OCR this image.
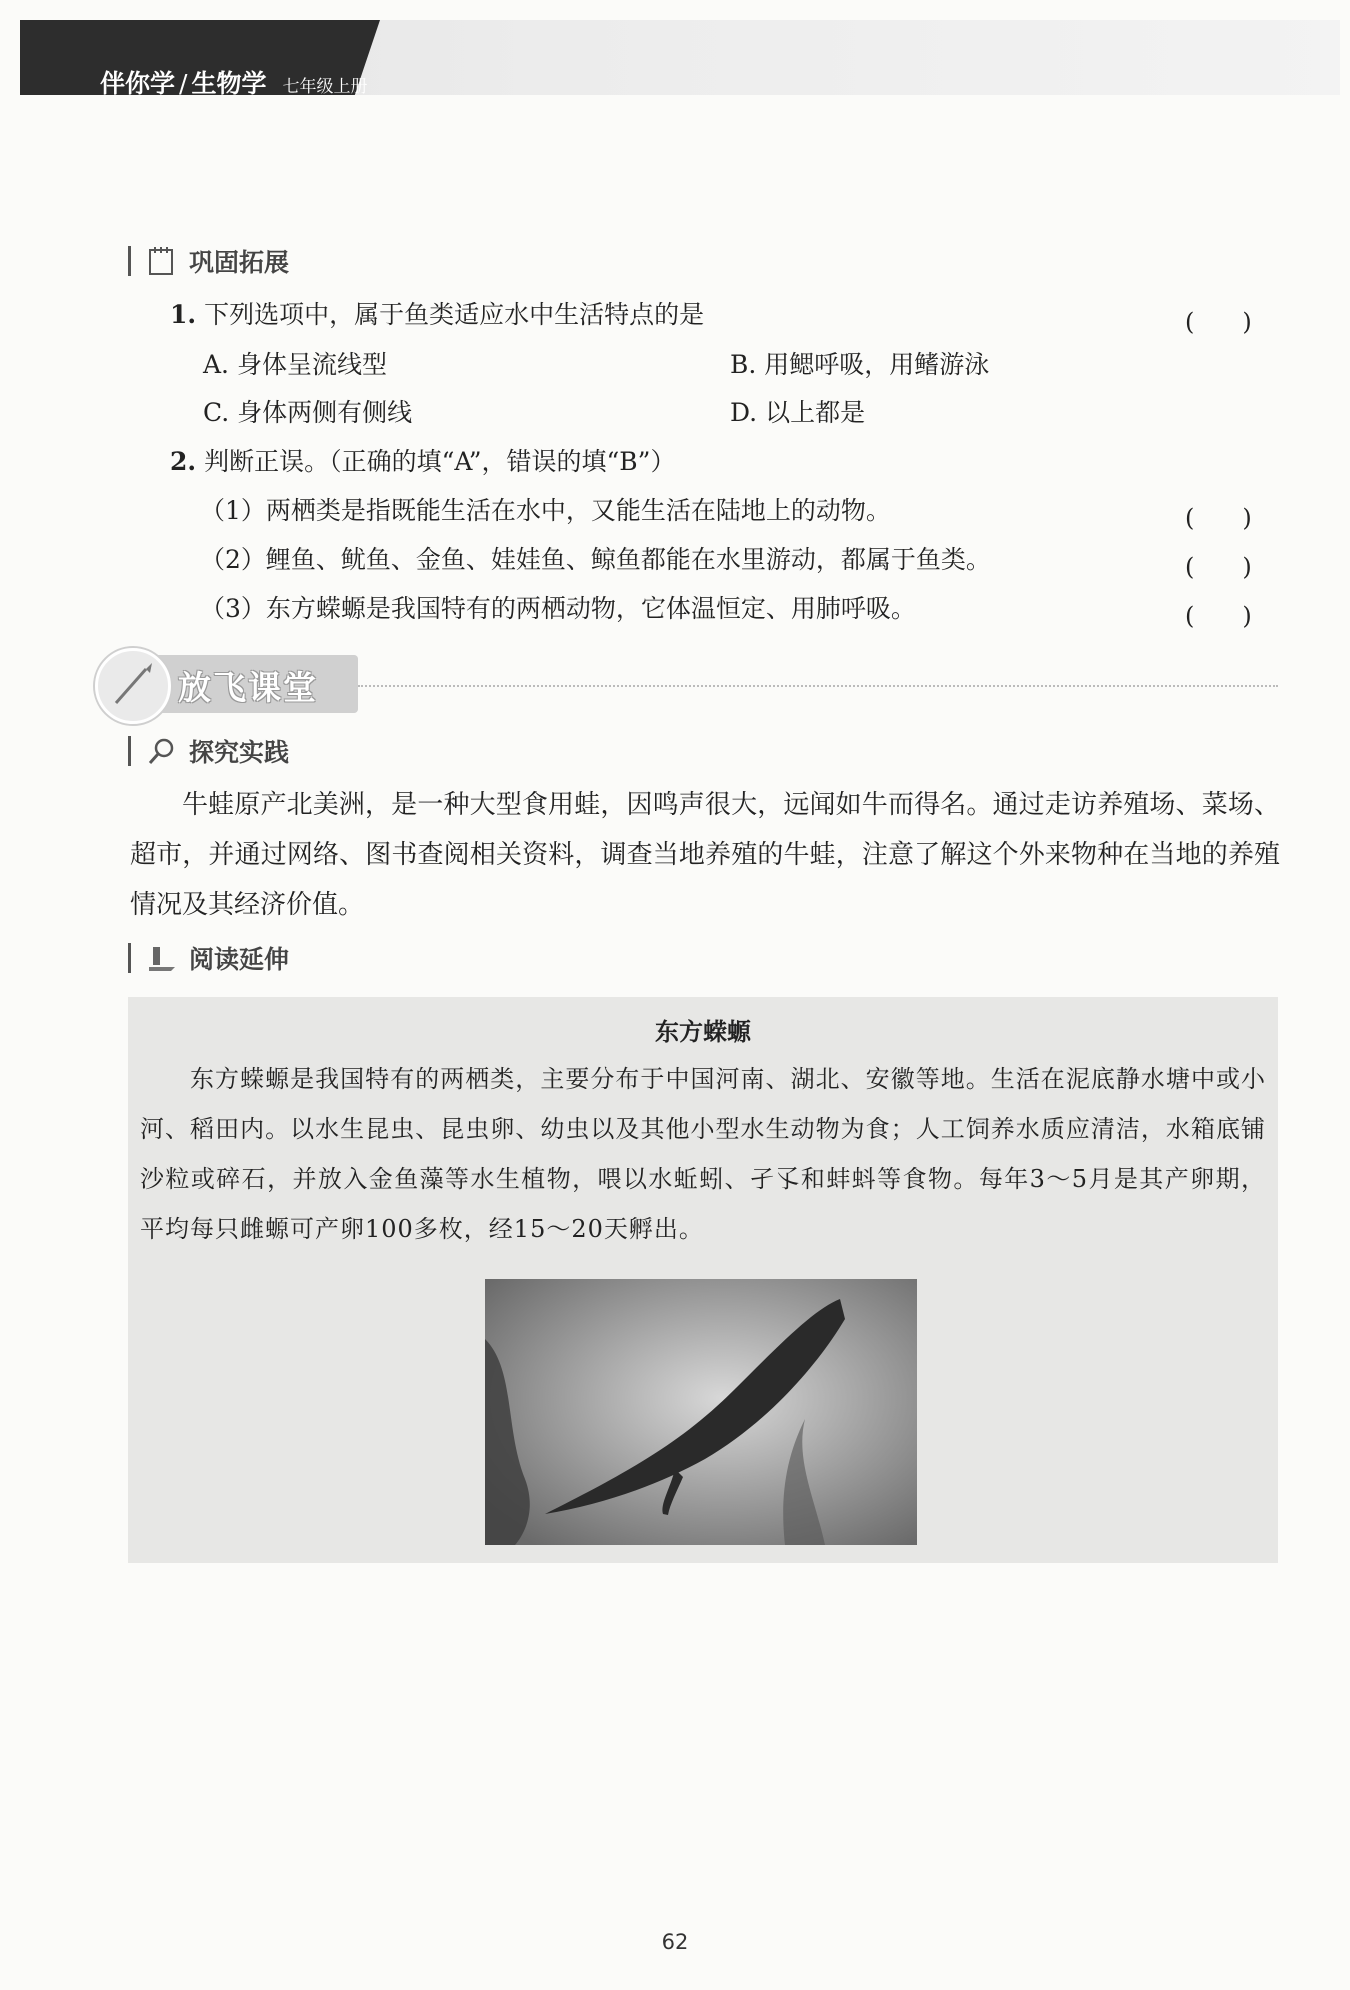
伴你学 / 生物学 七年级上册
巩固拓展
1. 下列选项中，属于鱼类适应水中生活特点的是	(　　)
A. 身体呈流线型	B. 用鳃呼吸，用鳍游泳
C. 身体两侧有侧线	D. 以上都是
2. 判断正误。（正确的填“A”，错误的填“B”）
（1）两栖类是指既能生活在水中，又能生活在陆地上的动物。	(　　)
（2）鲤鱼、鱿鱼、金鱼、娃娃鱼、鲸鱼都能在水里游动，都属于鱼类。	(　　)
（3）东方蝾螈是我国特有的两栖动物，它体温恒定、用肺呼吸。	(　　)
放飞课堂
探究实践
牛蛙原产北美洲，是一种大型食用蛙，因鸣声很大，远闻如牛而得名。通过走访养殖场、菜场、超市，并通过网络、图书查阅相关资料，调查当地养殖的牛蛙，注意了解这个外来物种在当地的养殖情况及其经济价值。
阅读延伸
东方蝾螈
东方蝾螈是我国特有的两栖类，主要分布于中国河南、湖北、安徽等地。生活在泥底静水塘中或小河、稻田内。以水生昆虫、昆虫卵、幼虫以及其他小型水生动物为食；人工饲养水质应清洁，水箱底铺沙粒或碎石，并放入金鱼藻等水生植物，喂以水蚯蚓、孑孓和蚌蚪等食物。每年3～5月是其产卵期，平均每只雌螈可产卵100多枚，经15～20天孵出。
62
